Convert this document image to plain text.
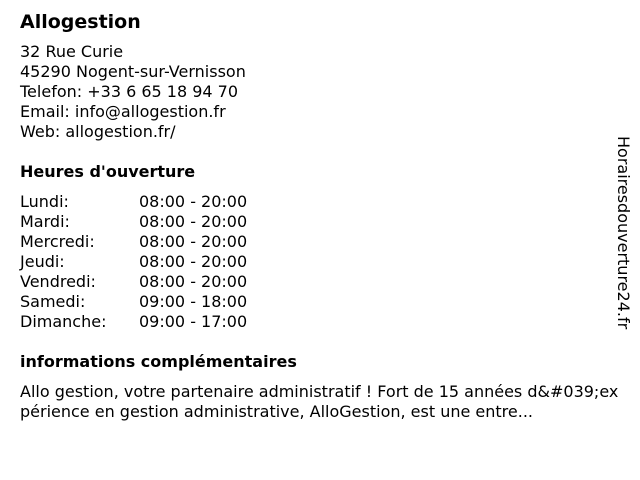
Allogestion
32 Rue Curie
45290 Nogent-sur-Vernisson
Telefon: +33 6 65 18 94 70
Email: info@allogestion.fr
Web: allogestion.fr/
Heures d'ouverture
Lundi:	08:00 - 20:00
Mardi:	08:00 - 20:00
Mercredi:	08:00 - 20:00
Jeudi:	08:00 - 20:00
Vendredi:	08:00 - 20:00
Samedi:	09:00 - 18:00
Dimanche:	09:00 - 17:00
informations complémentaires
Allo gestion, votre partenaire administratif ! Fort de 15 années d&#039;expérience en gestion administrative, AlloGestion, est une entre...
Horairesdouverture24.fr
